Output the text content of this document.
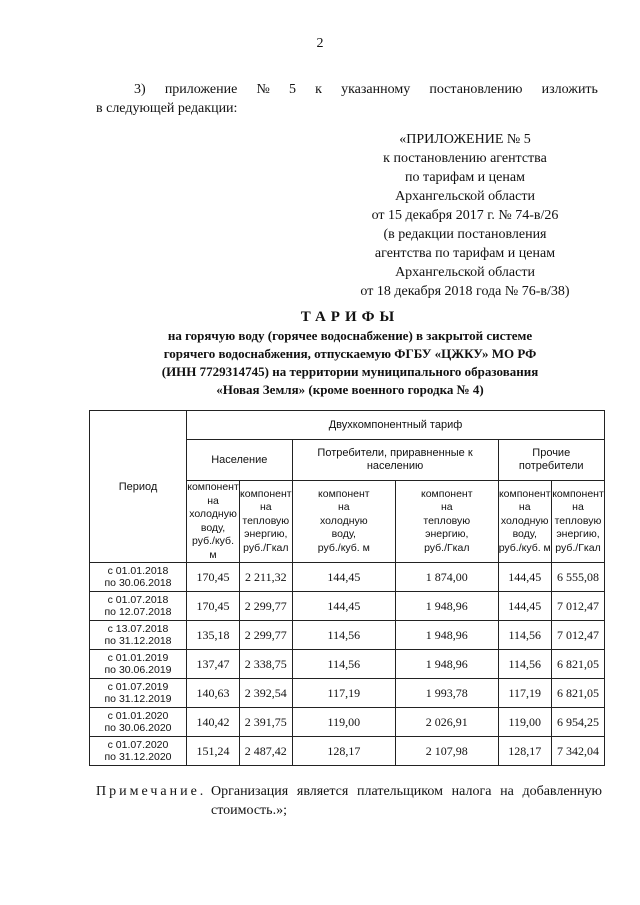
2
3) приложение № 5 к указанному постановлению изложить
в следующей редакции:
«ПРИЛОЖЕНИЕ № 5
к постановлению агентства
по тарифам и ценам
Архангельской области
от 15 декабря 2017 г. № 74-в/26
(в редакции постановления
агентства по тарифам и ценам
Архангельской области
от 18 декабря 2018 года № 76-в/38)
ТАРИФЫ
на горячую воду (горячее водоснабжение) в закрытой системе
горячего водоснабжения, отпускаемую ФГБУ «ЦЖКУ» МО РФ
(ИНН 7729314745) на территории муниципального образования
«Новая Земля» (кроме военного городка № 4)
Период	Двухкомпонентный тариф					
	Население		Потребители, приравненные к населению		Прочие потребители	
	компонент
на
холодную
воду,
руб./куб. м	компонент
на
тепловую
энергию,
руб./Гкал	компонент
на
холодную
воду,
руб./куб. м	компонент
на
тепловую
энергию,
руб./Гкал	компонент
на
холодную
воду,
руб./куб. м	компонент
на
тепловую
энергию,
руб./Гкал
с 01.01.2018
по 30.06.2018	170,45	2 211,32	144,45	1 874,00	144,45	6 555,08
с 01.07.2018
по 12.07.2018	170,45	2 299,77	144,45	1 948,96	144,45	7 012,47
с 13.07.2018
по 31.12.2018	135,18	2 299,77	114,56	1 948,96	114,56	7 012,47
с 01.01.2019
по 30.06.2019	137,47	2 338,75	114,56	1 948,96	114,56	6 821,05
с 01.07.2019
по 31.12.2019	140,63	2 392,54	117,19	1 993,78	117,19	6 821,05
с 01.01.2020
по 30.06.2020	140,42	2 391,75	119,00	2 026,91	119,00	6 954,25
с 01.07.2020
по 31.12.2020	151,24	2 487,42	128,17	2 107,98	128,17	7 342,04
Примечание. Организация является плательщиком налога на добавленную
стоимость.»;
